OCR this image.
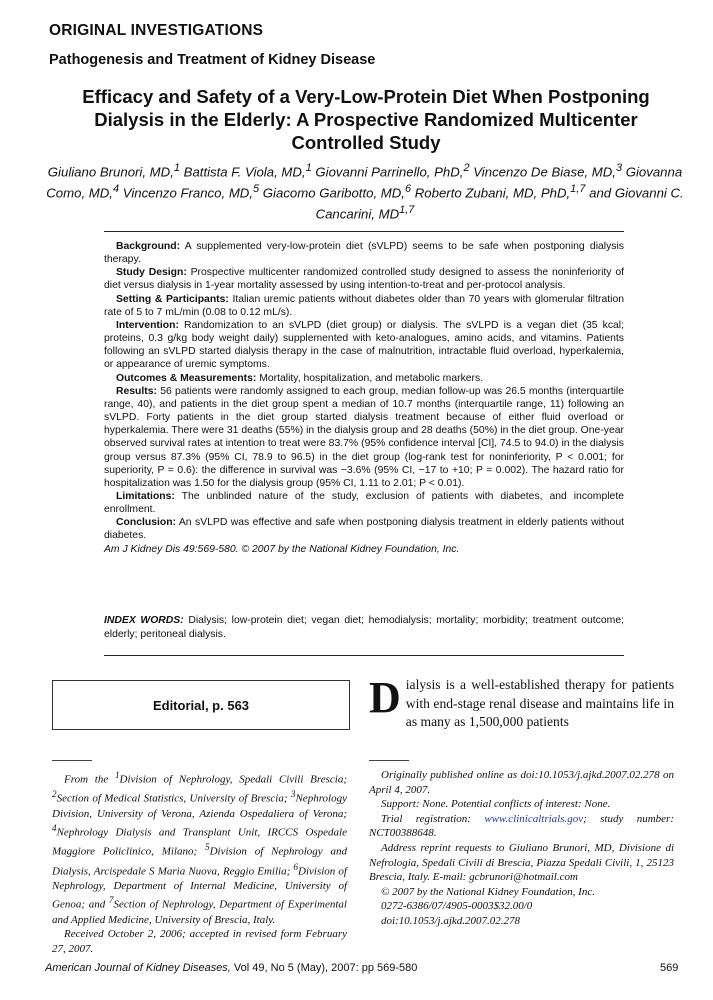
ORIGINAL INVESTIGATIONS
Pathogenesis and Treatment of Kidney Disease
Efficacy and Safety of a Very-Low-Protein Diet When Postponing Dialysis in the Elderly: A Prospective Randomized Multicenter Controlled Study
Giuliano Brunori, MD,$^1$ Battista F. Viola, MD,$^1$ Giovanni Parrinello, PhD,$^2$ Vincenzo De Biase, MD,$^3$ Giovanna Como, MD,$^4$ Vincenzo Franco, MD,$^5$ Giacomo Garibotto, MD,$^6$ Roberto Zubani, MD, PhD,$^{1,7}$ and Giovanni C. Cancarini, MD$^{1,7}$

Background: A supplemented very-low-protein diet (sVLPD) seems to be safe when postponing dialysis therapy.

Study Design: Prospective multicenter randomized controlled study designed to assess the noninferiority of diet versus dialysis in 1-year mortality assessed by using intention-to-treat and per-protocol analysis.

Setting & Participants: Italian uremic patients without diabetes older than 70 years with glomerular filtration rate of 5 to 7 mL/min (0.08 to 0.12 mL/s).

Intervention: Randomization to an sVLPD (diet group) or dialysis. The sVLPD is a vegan diet (35 kcal; proteins, 0.3 g/kg body weight daily) supplemented with keto-analogues, amino acids, and vitamins. Patients following an sVLPD started dialysis therapy in the case of malnutrition, intractable fluid overload, hyperkalemia, or appearance of uremic symptoms.

Outcomes & Measurements: Mortality, hospitalization, and metabolic markers.

Results: 56 patients were randomly assigned to each group, median follow-up was 26.5 months (interquartile range, 40), and patients in the diet group spent a median of 10.7 months (interquartile range, 11) following an sVLPD. Forty patients in the diet group started dialysis treatment because of either fluid overload or hyperkalemia. There were 31 deaths (55%) in the dialysis group and 28 deaths (50%) in the diet group. One-year observed survival rates at intention to treat were 83.7% (95% confidence interval [CI], 74.5 to 94.0) in the dialysis group versus 87.3% (95% CI, 78.9 to 96.5) in the diet group (log-rank test for noninferiority, P < 0.001; for superiority, P = 0.6): the difference in survival was −3.6% (95% CI, −17 to +10; P = 0.002). The hazard ratio for hospitalization was 1.50 for the dialysis group (95% CI, 1.11 to 2.01; P < 0.01).

Limitations: The unblinded nature of the study, exclusion of patients with diabetes, and incomplete enrollment.

Conclusion: An sVLPD was effective and safe when postponing dialysis treatment in elderly patients without diabetes.

Am J Kidney Dis 49:569-580. © 2007 by the National Kidney Foundation, Inc.

INDEX WORDS: Dialysis; low-protein diet; vegan diet; hemodialysis; mortality; morbidity; treatment outcome; elderly; peritoneal dialysis.

Editorial, p. 563	Dialysis is a well-established therapy for patients with end-stage renal disease and maintains life in as many as 1,500,000 patients

From the $^1$Division of Nephrology, Spedali Civili Brescia; $^2$Section of Medical Statistics, University of Brescia; $^3$Nephrology Division, University of Verona, Azienda Ospedaliera of Verona; $^4$Nephrology Dialysis and Transplant Unit, IRCCS Ospedale Maggiore Policlinico, Milano; $^5$Division of Nephrology and Dialysis, Arcispedale S Maria Nuova, Reggio Emilia; $^6$Division of Nephrology, Department of Internal Medicine, University of Genoa; and $^7$Section of Nephrology, Department of Experimental and Applied Medicine, University of Brescia, Italy.

Received October 2, 2006; accepted in revised form February 27, 2007.

Originally published online as doi:10.1053/j.ajkd.2007.02.278 on April 4, 2007.

Support: None. Potential conflicts of interest: None.

Trial registration: www.clinicaltrials.gov; study number: NCT00388648.

Address reprint requests to Giuliano Brunori, MD, Divisione di Nefrologia, Spedali Civili di Brescia, Piazza Spedali Civili, 1, 25123 Brescia, Italy. E-mail: gcbrunori@hotmail.com

© 2007 by the National Kidney Foundation, Inc.

0272-6386/07/4905-0003$32.00/0

doi:10.1053/j.ajkd.2007.02.278

American Journal of Kidney Diseases, Vol 49, No 5 (May), 2007: pp 569-580	569
